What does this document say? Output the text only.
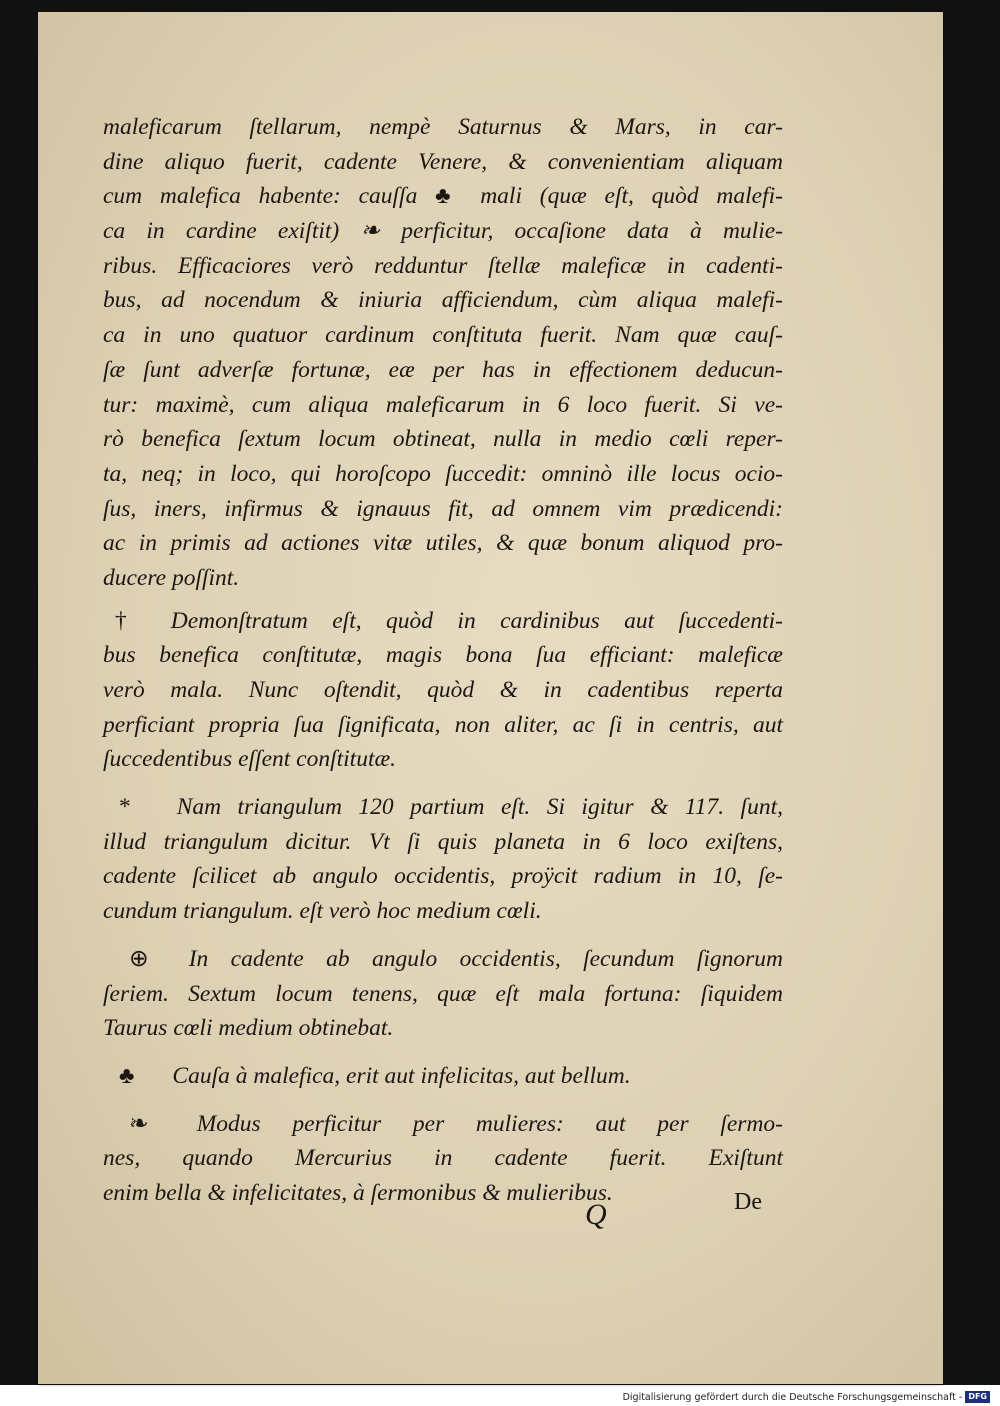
maleficarum ſtellarum, nempè Saturnus & Mars, in car-
dine aliquo fuerit, cadente Venere, & convenientiam aliquam
cum malefica habente: cauſſa ♣ mali (quæ eſt, quòd malefi-
ca in cardine exiſtit) ❧ perficitur, occaſione data à mulie-
ribus. Efficaciores verò redduntur ſtellæ maleficæ in cadenti-
bus, ad nocendum & iniuria afficiendum, cùm aliqua malefi-
ca in uno quatuor cardinum conſtituta fuerit. Nam quæ cauſ-
ſæ ſunt adverſæ fortunæ, eæ per has in effectionem deducun-
tur: maximè, cum aliqua maleficarum in 6 loco fuerit. Si ve-
rò benefica ſextum locum obtineat, nulla in medio cœli reper-
ta, neq; in loco, qui horoſcopo ſuccedit: omninò ille locus ocio-
ſus, iners, infirmus & ignauus fit, ad omnem vim prædicendi:
ac in primis ad actiones vitæ utiles, & quæ bonum aliquod pro-
ducere poſſint.
† Demonſtratum eſt, quòd in cardinibus aut ſuccedenti-
bus benefica conſtitutæ, magis bona ſua efficiant: maleficæ
verò mala. Nunc oſtendit, quòd & in cadentibus reperta
perficiant propria ſua ſignificata, non aliter, ac ſi in centris, aut
ſuccedentibus eſſent conſtitutæ.
* Nam triangulum 120 partium eſt. Si igitur & 117. ſunt,
illud triangulum dicitur. Vt ſi quis planeta in 6 loco exiſtens,
cadente ſcilicet ab angulo occidentis, proÿcit radium in 10, ſe-
cundum triangulum. eſt verò hoc medium cœli.
⊕ In cadente ab angulo occidentis, ſecundum ſignorum
ſeriem. Sextum locum tenens, quæ eſt mala fortuna: ſiquidem
Taurus cœli medium obtinebat.
♣ Cauſa à malefica, erit aut infelicitas, aut bellum.
❧ Modus perficitur per mulieres: aut per ſermo-
nes, quando Mercurius in cadente fuerit. Exiſtunt
enim bella & infelicitates, à ſermonibus & mulieribus.
Q	De
Digitalisierung gefördert durch die Deutsche Forschungsgemeinschaft - DFG
